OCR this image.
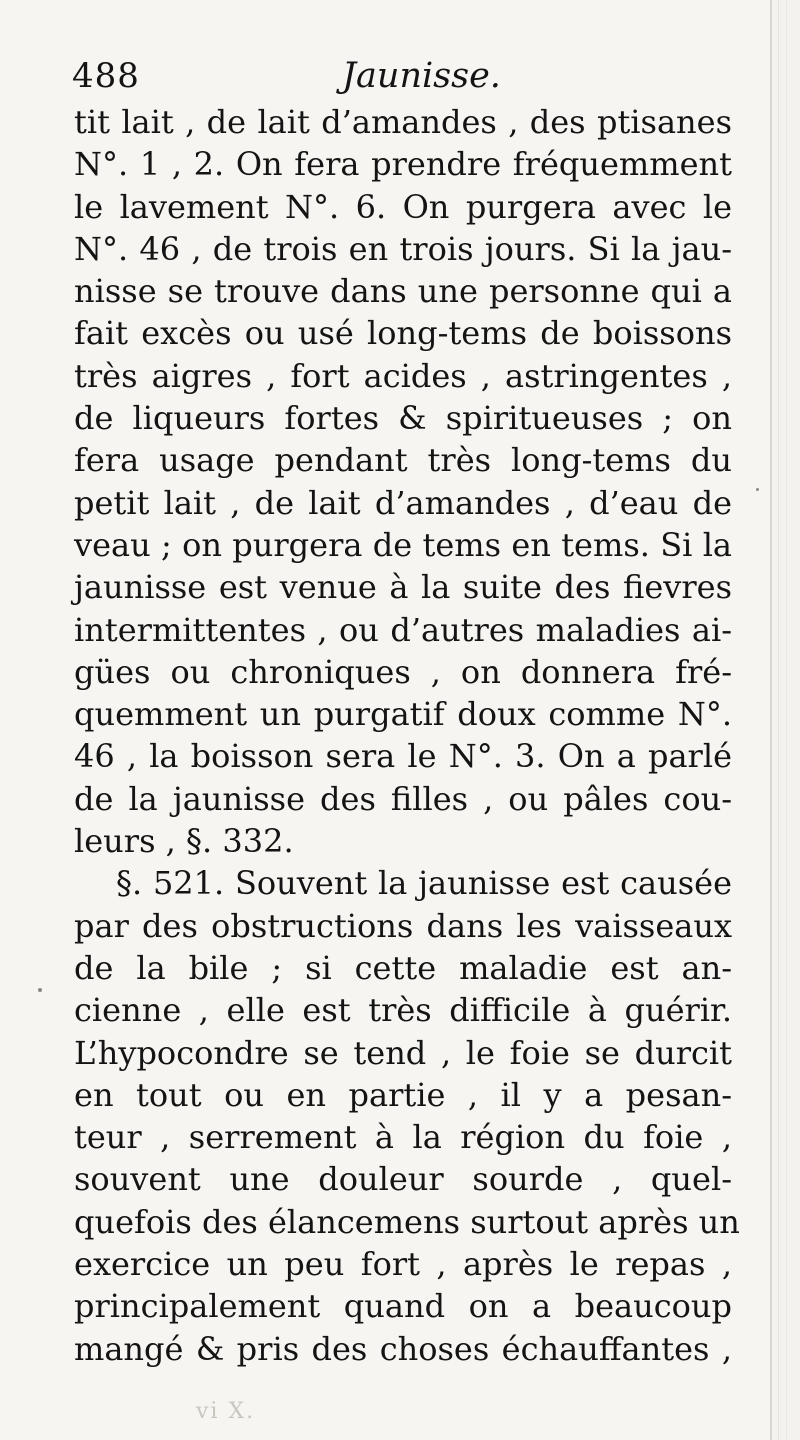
488	Jaunisse.
tit lait , de lait d’amandes , des ptisanes
N°. 1 , 2. On fera prendre fréquemment
le lavement N°. 6. On purgera avec le
N°. 46 , de trois en trois jours. Si la jau-
nisse se trouve dans une personne qui a
fait excès ou usé long-tems de boissons
très aigres , fort acides , astringentes ,
de liqueurs fortes & spiritueuses ; on
fera usage pendant très long-tems du
petit lait , de lait d’amandes , d’eau de
veau ; on purgera de tems en tems. Si la
jaunisse est venue à la suite des fievres
intermittentes , ou d’autres maladies ai-
gües ou chroniques , on donnera fré-
quemment un purgatif doux comme N°.
46 , la boisson sera le N°. 3. On a parlé
de la jaunisse des filles , ou pâles cou-
leurs , §. 332.
§. 521. Souvent la jaunisse est causée
par des obstructions dans les vaisseaux
de la bile ; si cette maladie est an-
cienne , elle est très difficile à guérir.
L’hypocondre se tend , le foie se durcit
en tout ou en partie , il y a pesan-
teur , serrement à la région du foie ,
souvent une douleur sourde , quel-
quefois des élancemens surtout après un
exercice un peu fort , après le repas ,
principalement quand on a beaucoup
mangé & pris des choses échauffantes ,
vi X.
